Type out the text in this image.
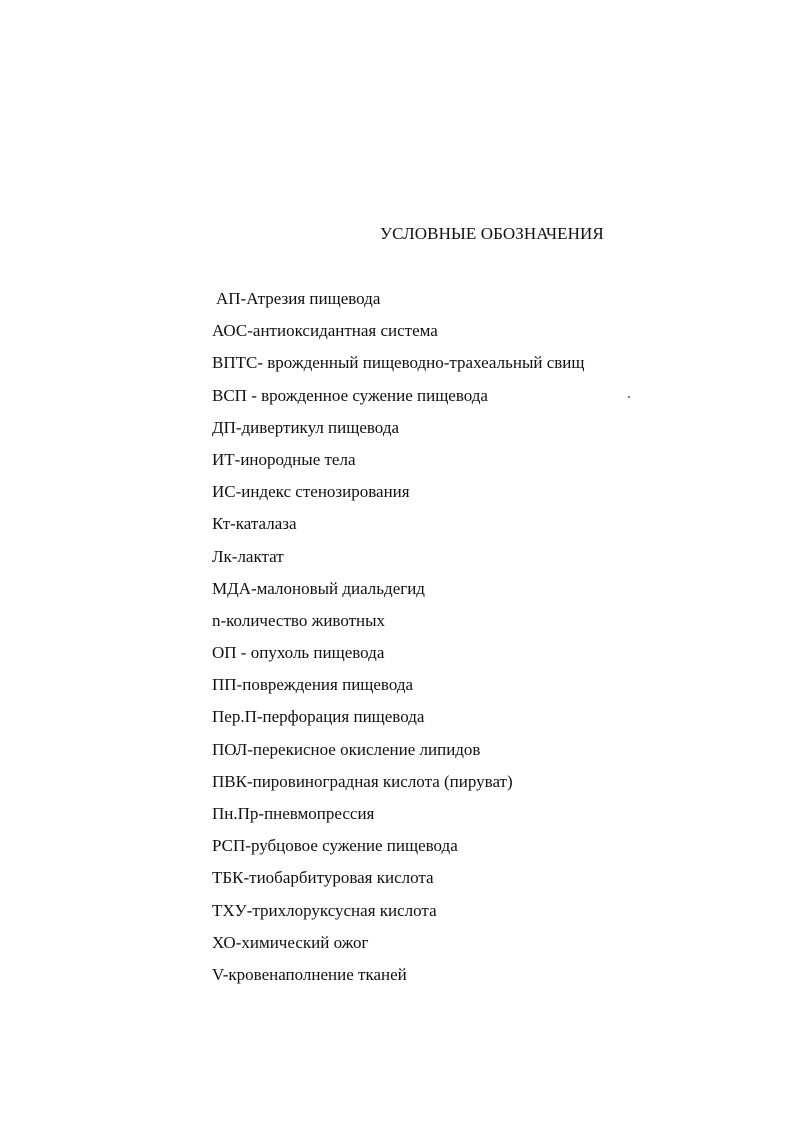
УСЛОВНЫЕ ОБОЗНАЧЕНИЯ
АП-Атрезия пищевода
АОС-антиоксидантная система
ВПТС- врожденный пищеводно-трахеальный свищ
ВСП - врожденное сужение пищевода
ДП-дивертикул пищевода
ИТ-инородные тела
ИС-индекс стенозирования
Кт-каталаза
Лк-лактат
МДА-малоновый диальдегид
n-количество животных
ОП - опухоль пищевода
ПП-повреждения пищевода
Пер.П-перфорация пищевода
ПОЛ-перекисное окисление липидов
ПВК-пировиноградная кислота (пируват)
Пн.Пр-пневмопрессия
РСП-рубцовое сужение пищевода
ТБК-тиобарбитуровая кислота
ТХУ-трихлоруксусная кислота
ХО-химический ожог
V-кровенаполнение тканей
